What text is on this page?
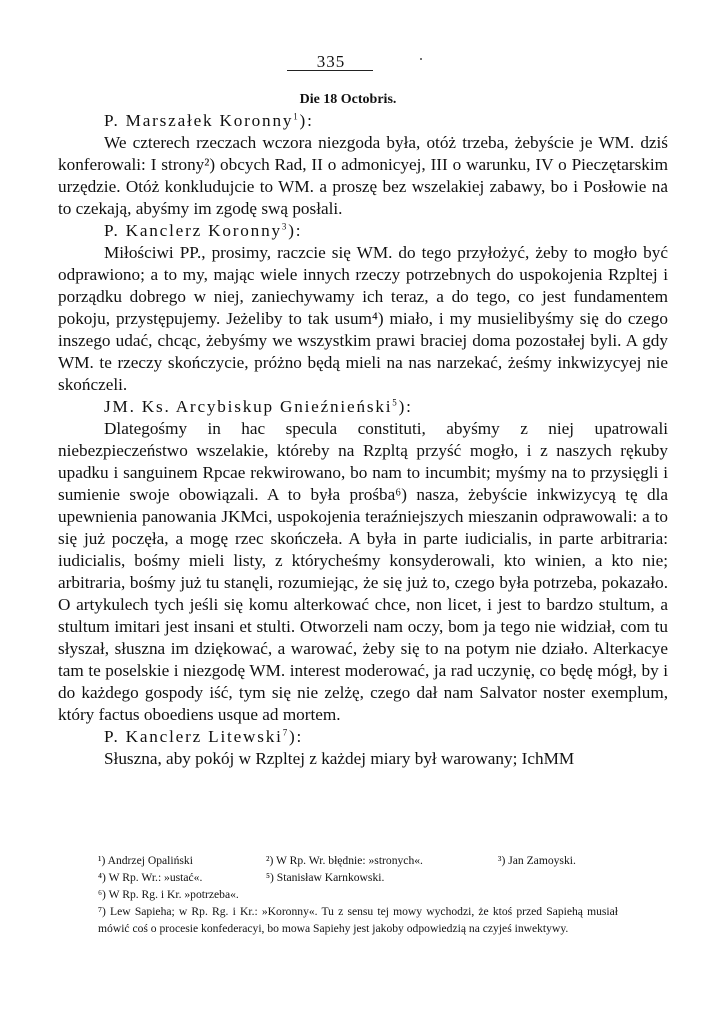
335
Die 18 Octobris.

P. Marszałek Koronny$^1$):

We czterech rzeczach wczora niezgoda była, otóż trzeba, żebyście je WM. dziś konferowali: I strony²) obcych Rad, II o admonicyej, III o warunku, IV o Pieczętarskim urzędzie. Otóż konkludujcie to WM. a proszę bez wszelakiej zabawy, bo i Posłowie na to czekają, abyśmy im zgodę swą posłali.

P. Kanclerz Koronny$^3$):

Miłościwi PP., prosimy, raczcie się WM. do tego przyłożyć, żeby to mogło być odprawiono; a to my, mając wiele innych rzeczy potrzebnych do uspokojenia Rzpltej i porządku dobrego w niej, zaniechywamy ich teraz, a do tego, co jest fundamentem pokoju, przystępujemy. Jeżeliby to tak usum⁴) miało, i my musielibyśmy się do czego inszego udać, chcąc, żebyśmy we wszystkim prawi braciej doma pozostałej byli. A gdy WM. te rzeczy skończycie, próżno będą mieli na nas narzekać, żeśmy inkwizycyej nie skończeli.

JM. Ks. Arcybiskup Gnieźnieński$^5$):

Dlategośmy in hac specula constituti, abyśmy z niej upatrowali niebezpieczeństwo wszelakie, któreby na Rzpltą przyść mogło, i z naszych rękuby upadku i sanguinem Rpcae rekwirowano, bo nam to incumbit; myśmy na to przysięgli i sumienie swoje obowiązali. A to była prośba⁶) nasza, żebyście inkwizycyą tę dla upewnienia panowania JKMci, uspokojenia teraźniejszych mieszanin odprawowali: a to się już poczęła, a mogę rzec skończeła. A była in parte iudicialis, in parte arbitraria: iudicialis, bośmy mieli listy, z którycheśmy konsyderowali, kto winien, a kto nie; arbitraria, bośmy już tu stanęli, rozumiejąc, że się już to, czego była potrzeba, pokazało. O artykulech tych jeśli się komu alterkować chce, non licet, i jest to bardzo stultum, a stultum imitari jest insani et stulti. Otworzeli nam oczy, bom ja tego nie widział, com tu słyszał, słuszna im dziękować, a warować, żeby się to na potym nie działo. Alterkacye tam te poselskie i niezgodę WM. interest moderować, ja rad uczynię, co będę mógł, by i do każdego gospody iść, tym się nie zelżę, czego dał nam Salvator noster exemplum, który factus oboediens usque ad mortem.

P. Kanclerz Litewski$^7$):

Słuszna, aby pokój w Rzpltej z każdej miary był warowany; IchMM

¹) Andrzej Opaliński	²) W Rp. Wr. błędnie: »stronych«.	³) Jan Zamoyski.

⁴) W Rp. Wr.: »ustać«.	⁵) Stanisław Karnkowski.

⁶) W Rp. Rg. i Kr. »potrzeba«.

⁷) Lew Sapieha; w Rp. Rg. i Kr.: »Koronny«. Tu z sensu tej mowy wychodzi, że ktoś przed Sapiehą musiał mówić coś o procesie konfederacyi, bo mowa Sapiehy jest jakoby odpowiedzią na czyjeś inwektywy.
